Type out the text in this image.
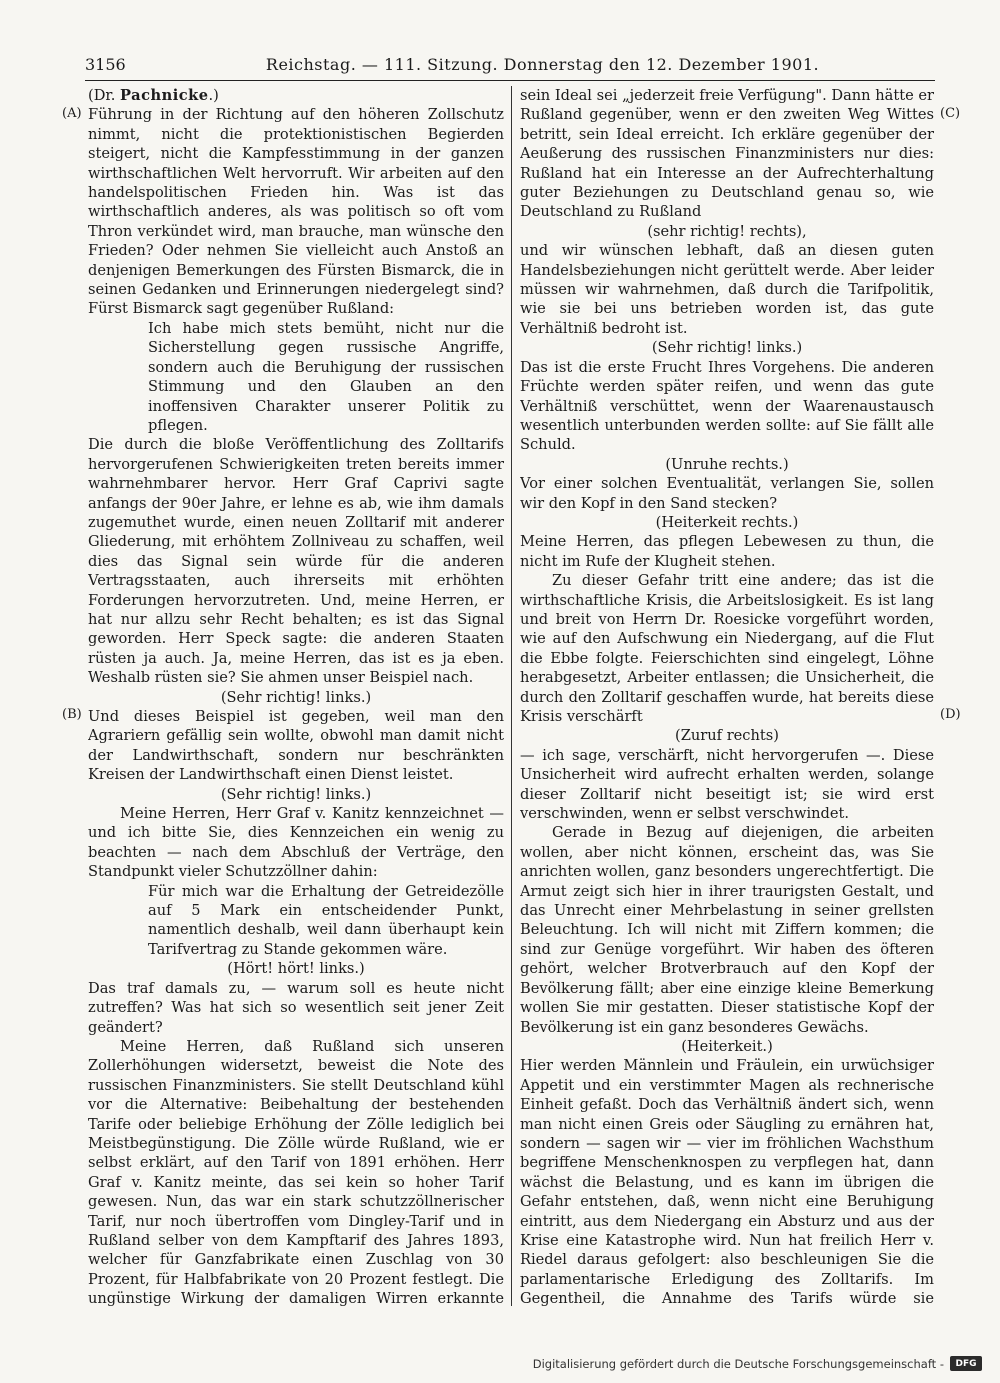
3156	Reichstag. — 111. Sitzung. Donnerstag den 12. Dezember 1901.
(A)
(B)
(C)
(D)

(Dr. Pachnicke.)

Führung in der Richtung auf den höheren Zollschutz nimmt, nicht die protektionistischen Begierden steigert, nicht die Kampfesstimmung in der ganzen wirthschaftlichen Welt hervorruft. Wir arbeiten auf den handelspolitischen Frieden hin. Was ist das wirthschaftlich anderes, als was politisch so oft vom Thron verkündet wird, man brauche, man wünsche den Frieden? Oder nehmen Sie vielleicht auch Anstoß an denjenigen Bemerkungen des Fürsten Bismarck, die in seinen Gedanken und Erinnerungen niedergelegt sind? Fürst Bismarck sagt gegenüber Rußland:

Ich habe mich stets bemüht, nicht nur die Sicherstellung gegen russische Angriffe, sondern auch die Beruhigung der russischen Stimmung und den Glauben an den inoffensiven Charakter unserer Politik zu pflegen.

Die durch die bloße Veröffentlichung des Zolltarifs hervorgerufenen Schwierigkeiten treten bereits immer wahrnehmbarer hervor. Herr Graf Caprivi sagte anfangs der 90er Jahre, er lehne es ab, wie ihm damals zugemuthet wurde, einen neuen Zolltarif mit anderer Gliederung, mit erhöhtem Zollniveau zu schaffen, weil dies das Signal sein würde für die anderen Vertragsstaaten, auch ihrerseits mit erhöhten Forderungen hervorzutreten. Und, meine Herren, er hat nur allzu sehr Recht behalten; es ist das Signal geworden. Herr Speck sagte: die anderen Staaten rüsten ja auch. Ja, meine Herren, das ist es ja eben. Weshalb rüsten sie? Sie ahmen unser Beispiel nach.

(Sehr richtig! links.)

Und dieses Beispiel ist gegeben, weil man den Agrariern gefällig sein wollte, obwohl man damit nicht der Landwirthschaft, sondern nur beschränkten Kreisen der Landwirthschaft einen Dienst leistet.

(Sehr richtig! links.)

Meine Herren, Herr Graf v. Kanitz kennzeichnet — und ich bitte Sie, dies Kennzeichen ein wenig zu beachten — nach dem Abschluß der Verträge, den Standpunkt vieler Schutzzöllner dahin:

Für mich war die Erhaltung der Getreidezölle auf 5 Mark ein entscheidender Punkt, namentlich deshalb, weil dann überhaupt kein Tarifvertrag zu Stande gekommen wäre.

(Hört! hört! links.)

Das traf damals zu, — warum soll es heute nicht zutreffen? Was hat sich so wesentlich seit jener Zeit geändert?

Meine Herren, daß Rußland sich unseren Zollerhöhungen widersetzt, beweist die Note des russischen Finanzministers. Sie stellt Deutschland kühl vor die Alternative: Beibehaltung der bestehenden Tarife oder beliebige Erhöhung der Zölle lediglich bei Meistbegünstigung. Die Zölle würde Rußland, wie er selbst erklärt, auf den Tarif von 1891 erhöhen. Herr Graf v. Kanitz meinte, das sei kein so hoher Tarif gewesen. Nun, das war ein stark schutzzöllnerischer Tarif, nur noch übertroffen vom Dingley-Tarif und in Rußland selber von dem Kampftarif des Jahres 1893, welcher für Ganzfabrikate einen Zuschlag von 30 Prozent, für Halbfabrikate von 20 Prozent festlegt. Die ungünstige Wirkung der damaligen Wirren erkannte

sein Ideal sei „jederzeit freie Verfügung". Dann hätte er Rußland gegenüber, wenn er den zweiten Weg Wittes betritt, sein Ideal erreicht. Ich erkläre gegenüber der Aeußerung des russischen Finanzministers nur dies: Rußland hat ein Interesse an der Aufrechterhaltung guter Beziehungen zu Deutschland genau so, wie Deutschland zu Rußland

(sehr richtig! rechts),

und wir wünschen lebhaft, daß an diesen guten Handelsbeziehungen nicht gerüttelt werde. Aber leider müssen wir wahrnehmen, daß durch die Tarifpolitik, wie sie bei uns betrieben worden ist, das gute Verhältniß bedroht ist.

(Sehr richtig! links.)

Das ist die erste Frucht Ihres Vorgehens. Die anderen Früchte werden später reifen, und wenn das gute Verhältniß verschüttet, wenn der Waarenaustausch wesentlich unterbunden werden sollte: auf Sie fällt alle Schuld.

(Unruhe rechts.)

Vor einer solchen Eventualität, verlangen Sie, sollen wir den Kopf in den Sand stecken?

(Heiterkeit rechts.)

Meine Herren, das pflegen Lebewesen zu thun, die nicht im Rufe der Klugheit stehen.

Zu dieser Gefahr tritt eine andere; das ist die wirthschaftliche Krisis, die Arbeitslosigkeit. Es ist lang und breit von Herrn Dr. Roesicke vorgeführt worden, wie auf den Aufschwung ein Niedergang, auf die Flut die Ebbe folgte. Feierschichten sind eingelegt, Löhne herabgesetzt, Arbeiter entlassen; die Unsicherheit, die durch den Zolltarif geschaffen wurde, hat bereits diese Krisis verschärft

(Zuruf rechts)

— ich sage, verschärft, nicht hervorgerufen —. Diese Unsicherheit wird aufrecht erhalten werden, solange dieser Zolltarif nicht beseitigt ist; sie wird erst verschwinden, wenn er selbst verschwindet.

Gerade in Bezug auf diejenigen, die arbeiten wollen, aber nicht können, erscheint das, was Sie anrichten wollen, ganz besonders ungerechtfertigt. Die Armut zeigt sich hier in ihrer traurigsten Gestalt, und das Unrecht einer Mehrbelastung in seiner grellsten Beleuchtung. Ich will nicht mit Ziffern kommen; die sind zur Genüge vorgeführt. Wir haben des öfteren gehört, welcher Brotverbrauch auf den Kopf der Bevölkerung fällt; aber eine einzige kleine Bemerkung wollen Sie mir gestatten. Dieser statistische Kopf der Bevölkerung ist ein ganz besonderes Gewächs.

(Heiterkeit.)

Hier werden Männlein und Fräulein, ein urwüchsiger Appetit und ein verstimmter Magen als rechnerische Einheit gefaßt. Doch das Verhältniß ändert sich, wenn man nicht einen Greis oder Säugling zu ernähren hat, sondern — sagen wir — vier im fröhlichen Wachsthum begriffene Menschenknospen zu verpflegen hat, dann wächst die Belastung, und es kann im übrigen die Gefahr entstehen, daß, wenn nicht eine Beruhigung eintritt, aus dem Niedergang ein Absturz und aus der Krise eine Katastrophe wird. Nun hat freilich Herr v. Riedel daraus gefolgert: also beschleunigen Sie die parlamentarische Erledigung des Zolltarifs. Im Gegentheil, die Annahme des Tarifs würde sie

Digitalisierung gefördert durch die Deutsche Forschungsgemeinschaft -	DFG
